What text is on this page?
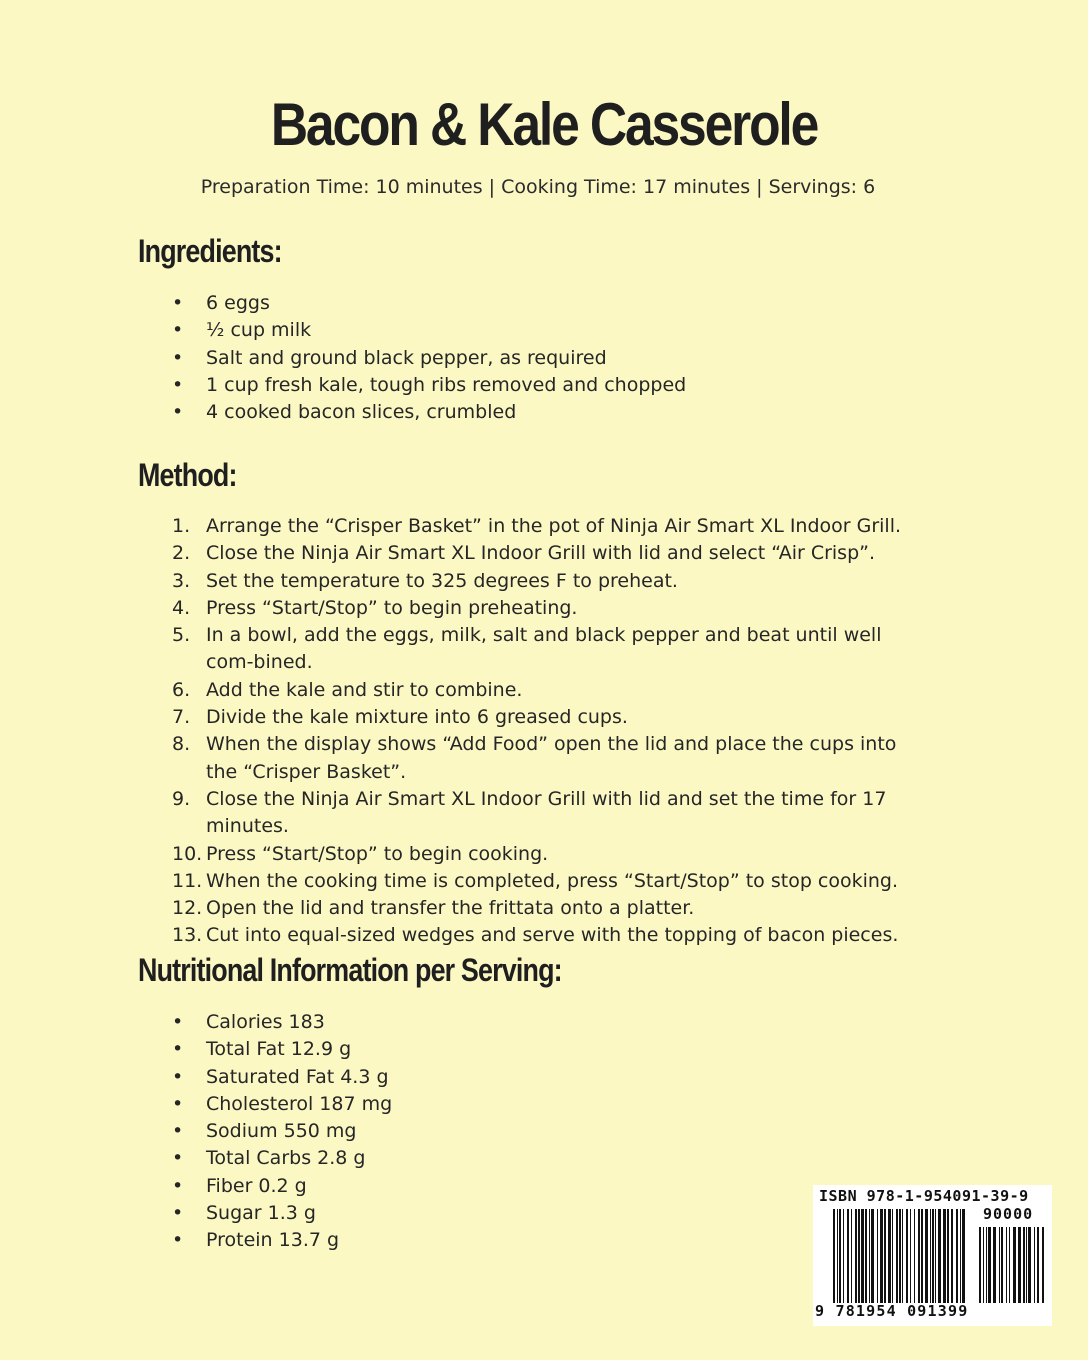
Bacon & Kale Casserole
Preparation Time: 10 minutes | Cooking Time: 17 minutes | Servings: 6
Ingredients:
• 6 eggs
• ½ cup milk
• Salt and ground black pepper, as required
• 1 cup fresh kale, tough ribs removed and chopped
• 4 cooked bacon slices, crumbled
Method:
1. Arrange the “Crisper Basket” in the pot of Ninja Air Smart XL Indoor Grill.
2. Close the Ninja Air Smart XL Indoor Grill with lid and select “Air Crisp”.
3. Set the temperature to 325 degrees F to preheat.
4. Press “Start/Stop” to begin preheating.
5. In a bowl, add the eggs, milk, salt and black pepper and beat until well com-bined.
6. Add the kale and stir to combine.
7. Divide the kale mixture into 6 greased cups.
8. When the display shows “Add Food” open the lid and place the cups into the “Crisper Basket”.
9. Close the Ninja Air Smart XL Indoor Grill with lid and set the time for 17 minutes.
10. Press “Start/Stop” to begin cooking.
11. When the cooking time is completed, press “Start/Stop” to stop cooking.
12. Open the lid and transfer the frittata onto a platter.
13. Cut into equal-sized wedges and serve with the topping of bacon pieces.
Nutritional Information per Serving:
• Calories 183
• Total Fat 12.9 g
• Saturated Fat 4.3 g
• Cholesterol 187 mg
• Sodium 550 mg
• Total Carbs 2.8 g
• Fiber 0.2 g
• Sugar 1.3 g
• Protein 13.7 g
ISBN 978-1-954091-39-9
90000
9 781954 091399
